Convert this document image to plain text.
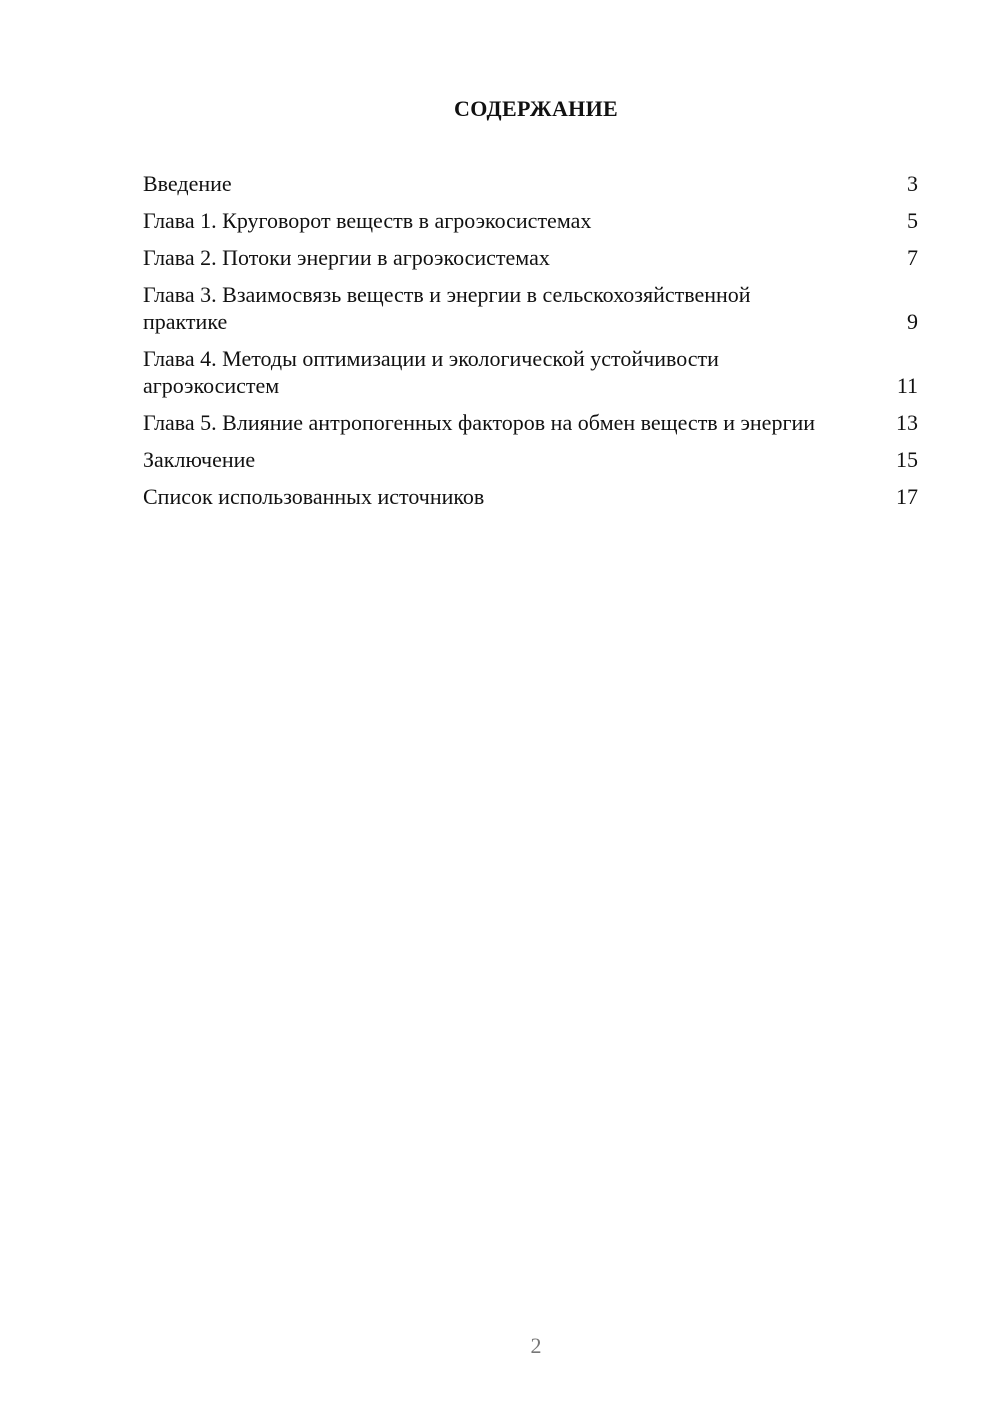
СОДЕРЖАНИЕ
Введение	3
Глава 1. Круговорот веществ в агроэкосистемах	5
Глава 2. Потоки энергии в агроэкосистемах	7
Глава 3. Взаимосвязь веществ и энергии в сельскохозяйственной практике	9
Глава 4. Методы оптимизации и экологической устойчивости агроэкосистем	11
Глава 5. Влияние антропогенных факторов на обмен веществ и энергии	13
Заключение	15
Список использованных источников	17
2
